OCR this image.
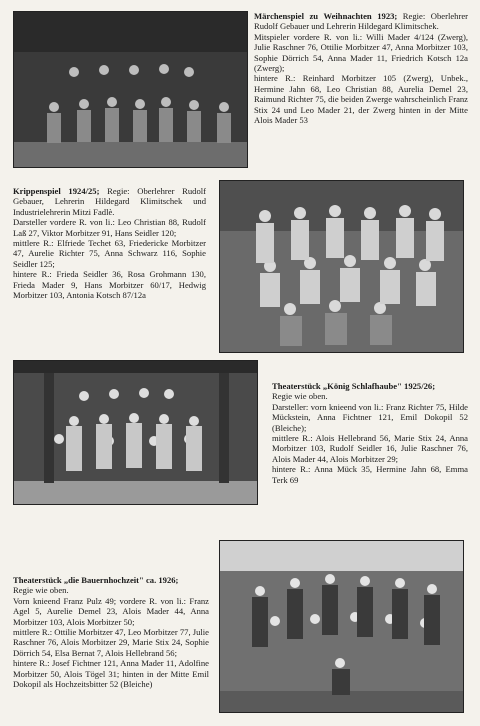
Märchenspiel zu Weihnachten 1923; Regie: Oberlehrer Rudolf Gebauer und Lehrerin Hildegard Klimitschek.

Mitspieler vordere R. von li.: Willi Mader 4/124 (Zwerg), Julie Raschner 76, Ottilie Morbitzer 47, Anna Morbitzer 103, Sophie Dörrich 54, Anna Mader 11, Friedrich Kotsch 12a (Zwerg);

hintere R.: Reinhard Morbitzer 105 (Zwerg), Unbek., Hermine Jahn 68, Leo Christian 88, Aurelia Demel 23, Raimund Richter 75, die beiden Zwerge wahrscheinlich Franz Stix 24 und Leo Mader 21, der Zwerg hinten in der Mitte Alois Mader 53

Krippenspiel 1924/25; Regie: Oberlehrer Rudolf Gebauer, Lehrerin Hildegard Klimitschek und Industrielehrerin Mitzi Fadlè.

Darsteller vordere R. von li.: Leo Christian 88, Rudolf Laß 27, Viktor Morbitzer 91, Hans Seidler 120;

mittlere R.: Elfriede Techet 63, Friedericke Morbitzer 47, Aurelie Richter 75, Anna Schwarz 116, Sophie Seidler 125;

hintere R.: Frieda Seidler 36, Rosa Grohmann 130, Frieda Mader 9, Hans Morbitzer 60/17, Hedwig Morbitzer 103, Antonia Kotsch 87/12a

Theaterstück „König Schlafhaube" 1925/26;

Regie wie oben.

Darsteller: vorn knieend von li.: Franz Richter 75, Hilde Mückstein, Anna Fichtner 121, Emil Dokopil 52 (Bleiche);

mittlere R.: Alois Hellebrand 56, Marie Stix 24, Anna Morbitzer 103, Rudolf Seidler 16, Julie Raschner 76, Alois Mader 44, Alois Morbitzer 29;

hintere R.: Anna Mück 35, Hermine Jahn 68, Emma Terk 69

Theaterstück „die Bauernhochzeit" ca. 1926;

Regie wie oben.

Vorn knieend Franz Pulz 49; vordere R. von li.: Franz Agel 5, Aurelie Demel 23, Alois Mader 44, Anna Morbitzer 103, Alois Morbitzer 50;

mittlere R.: Ottilie Morbitzer 47, Leo Morbitzer 77, Julie Raschner 76, Alois Morbitzer 29, Marie Stix 24, Sophie Dörrich 54, Elsa Bernat 7, Alois Hellebrand 56;

hintere R.: Josef Fichtner 121, Anna Mader 11, Adolfine Morbitzer 50, Alois Tögel 31; hinten in der Mitte Emil Dokopil als Hochzeitsbitter 52 (Bleiche)
